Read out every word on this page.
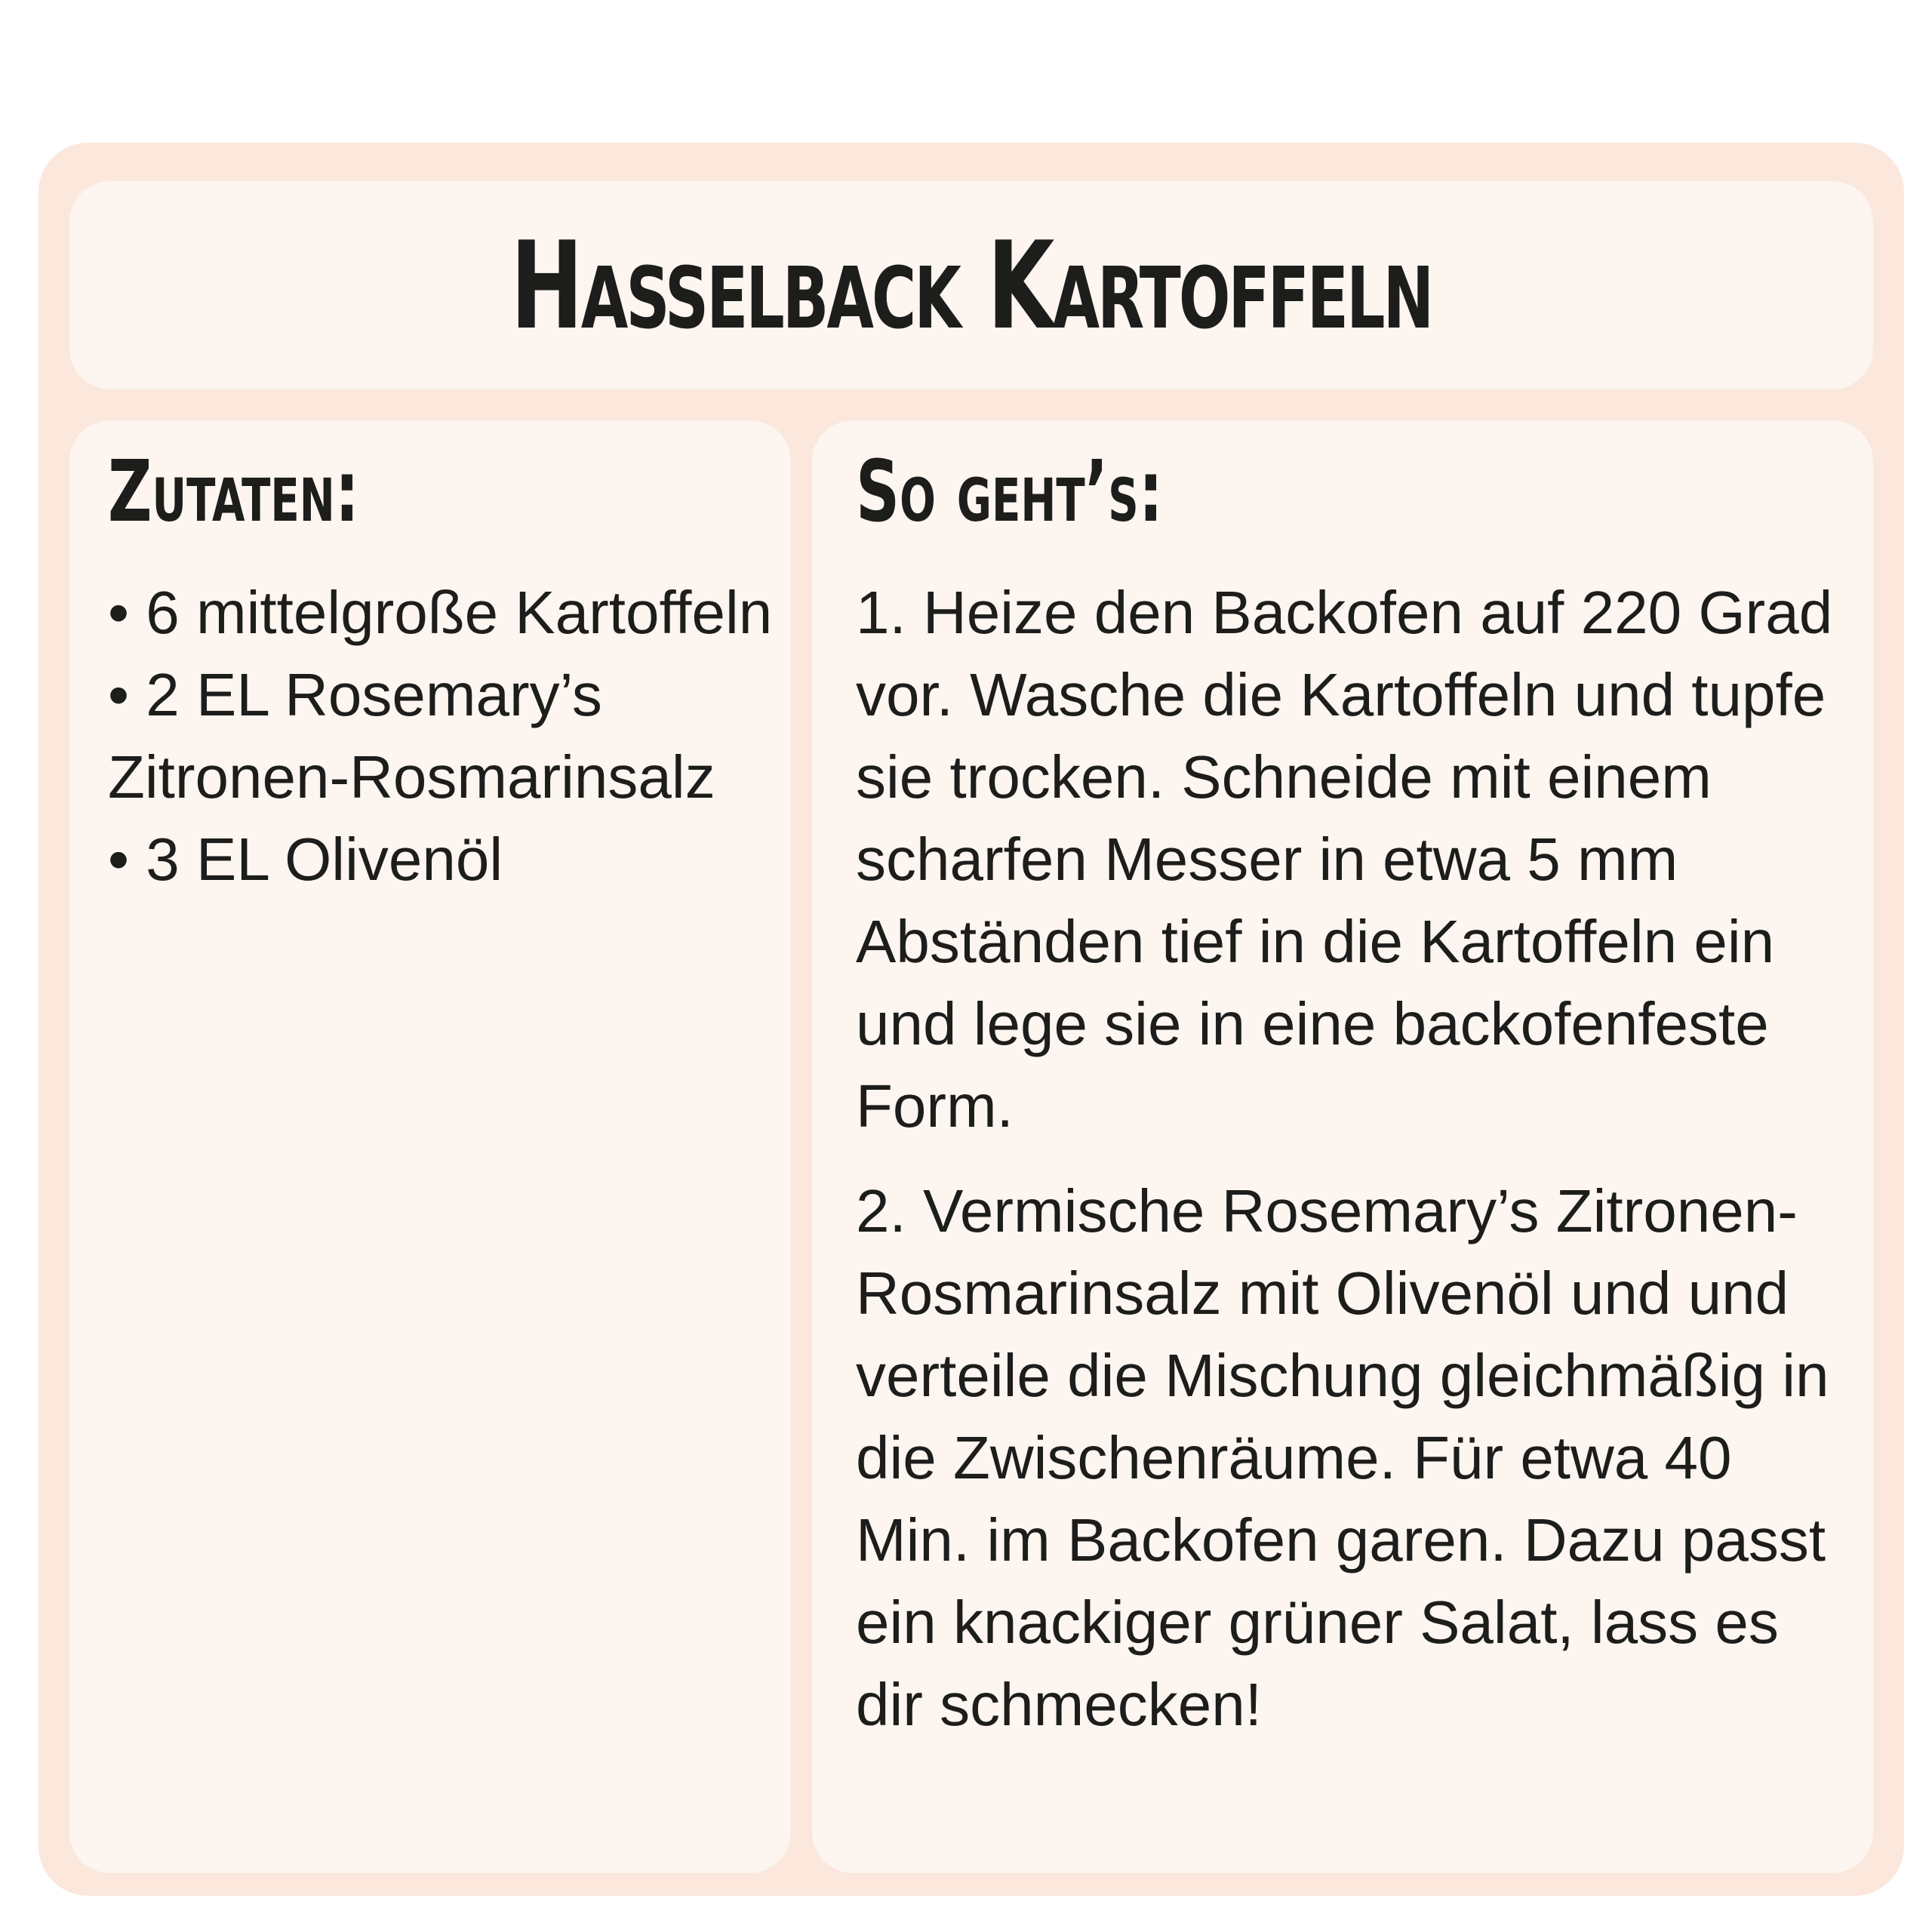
Hasselback Kartoffeln
Zutaten:
• 6 mittelgroße Kartoffeln
• 2 EL Rosemary’s Zitronen-Rosmarinsalz
• 3 EL Olivenöl
So geht’s:

1. Heize den Backofen auf 220 Grad vor. Wasche die Kartoffeln und tupfe sie trocken. Schneide mit einem scharfen Messer in etwa 5 mm Abständen tief in die Kartoffeln ein und lege sie in eine backofenfeste Form.

2. Vermische Rosemary’s Zitronen-Rosmarinsalz mit Olivenöl und und verteile die Mischung gleichmäßig in die Zwischenräume. Für etwa 40 Min. im Backofen garen. Dazu passt ein knackiger grüner Salat, lass es dir schmecken!
